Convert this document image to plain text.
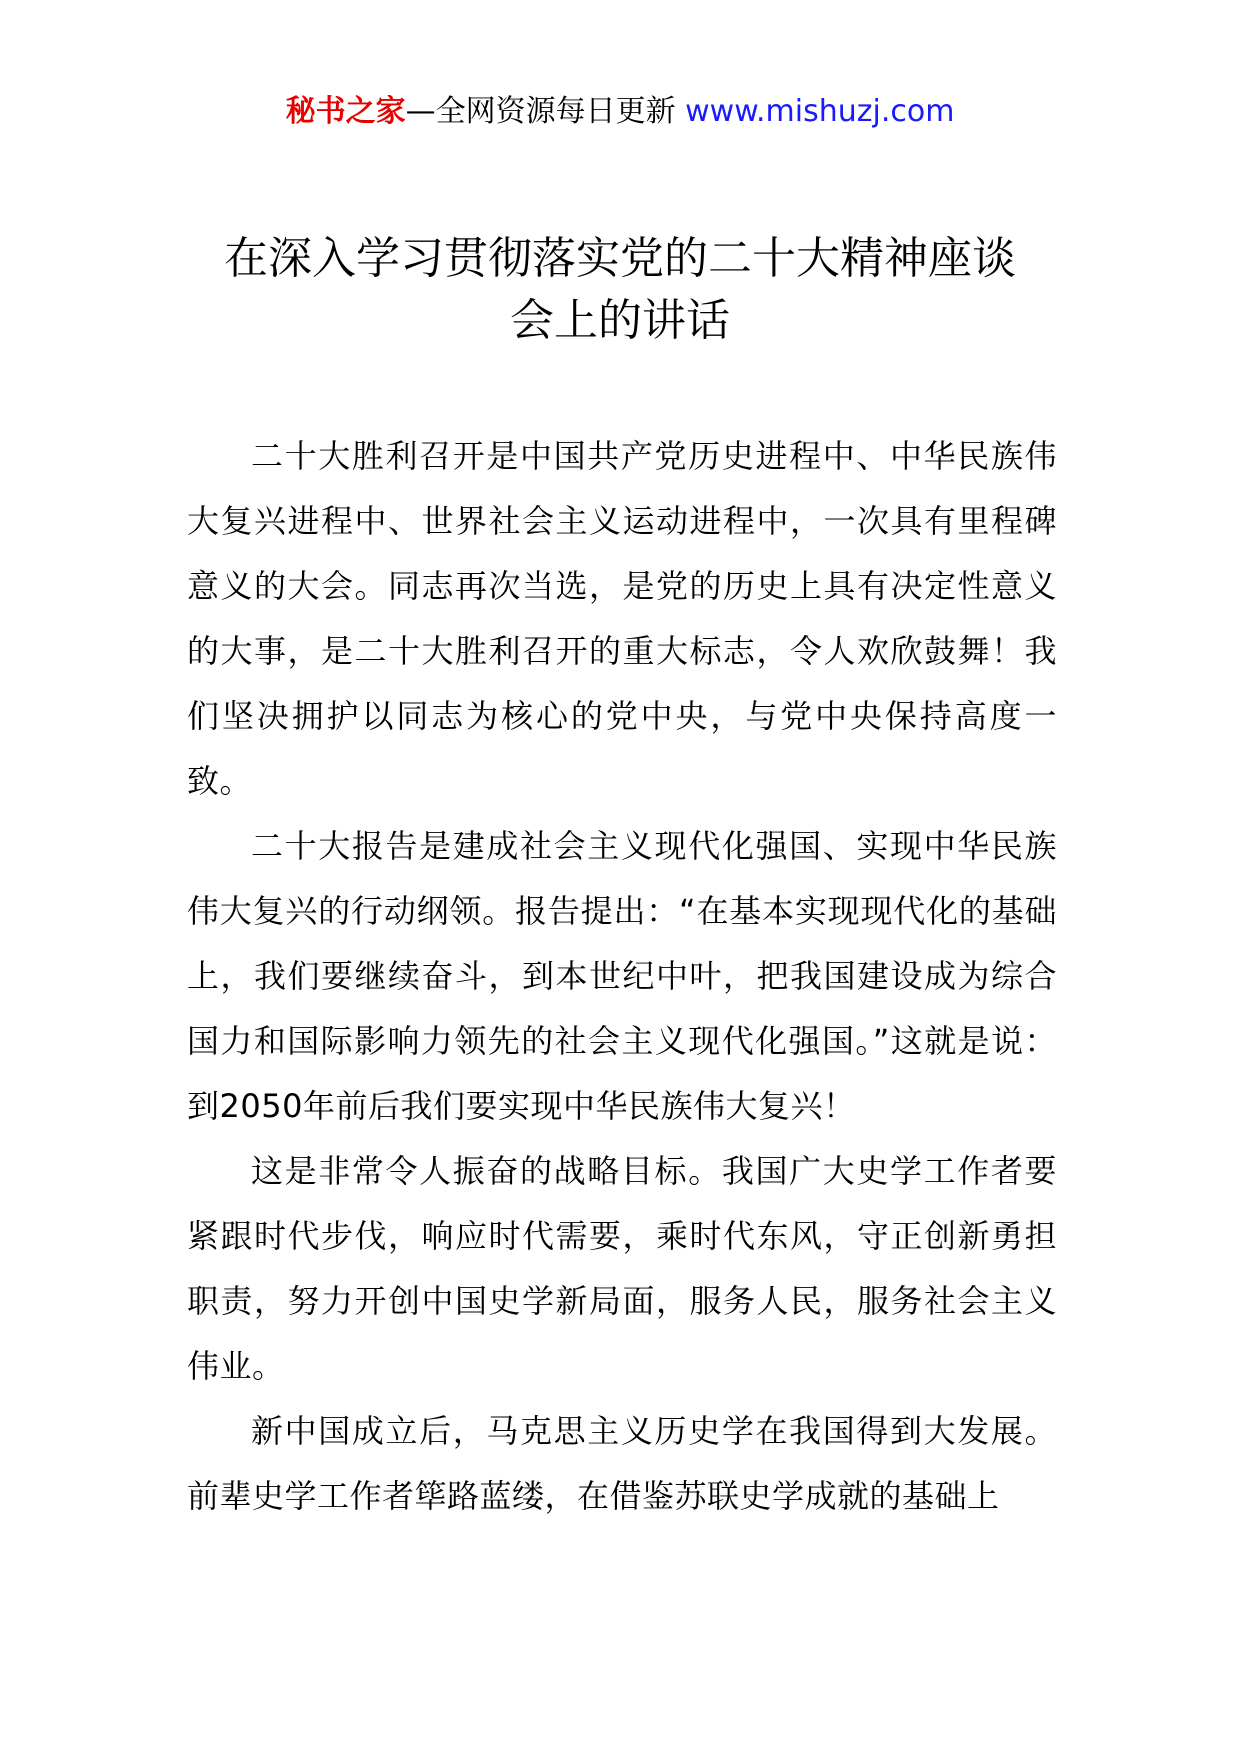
秘书之家—全网资源每日更新 www.mishuzj.com
在深入学习贯彻落实党的二十大精神座谈
会上的讲话

二十大胜利召开是中国共产党历史进程中、中华民族伟大复兴进程中、世界社会主义运动进程中，一次具有里程碑意义的大会。同志再次当选，是党的历史上具有决定性意义的大事，是二十大胜利召开的重大标志，令人欢欣鼓舞！我们坚决拥护以同志为核心的党中央，与党中央保持高度一致。

二十大报告是建成社会主义现代化强国、实现中华民族伟大复兴的行动纲领。报告提出：“在基本实现现代化的基础上，我们要继续奋斗，到本世纪中叶，把我国建设成为综合国力和国际影响力领先的社会主义现代化强国。”这就是说：到2050年前后我们要实现中华民族伟大复兴！

这是非常令人振奋的战略目标。我国广大史学工作者要紧跟时代步伐，响应时代需要，乘时代东风，守正创新勇担职责，努力开创中国史学新局面，服务人民，服务社会主义伟业。

新中国成立后，马克思主义历史学在我国得到大发展。前辈史学工作者筚路蓝缕，在借鉴苏联史学成就的基础上
